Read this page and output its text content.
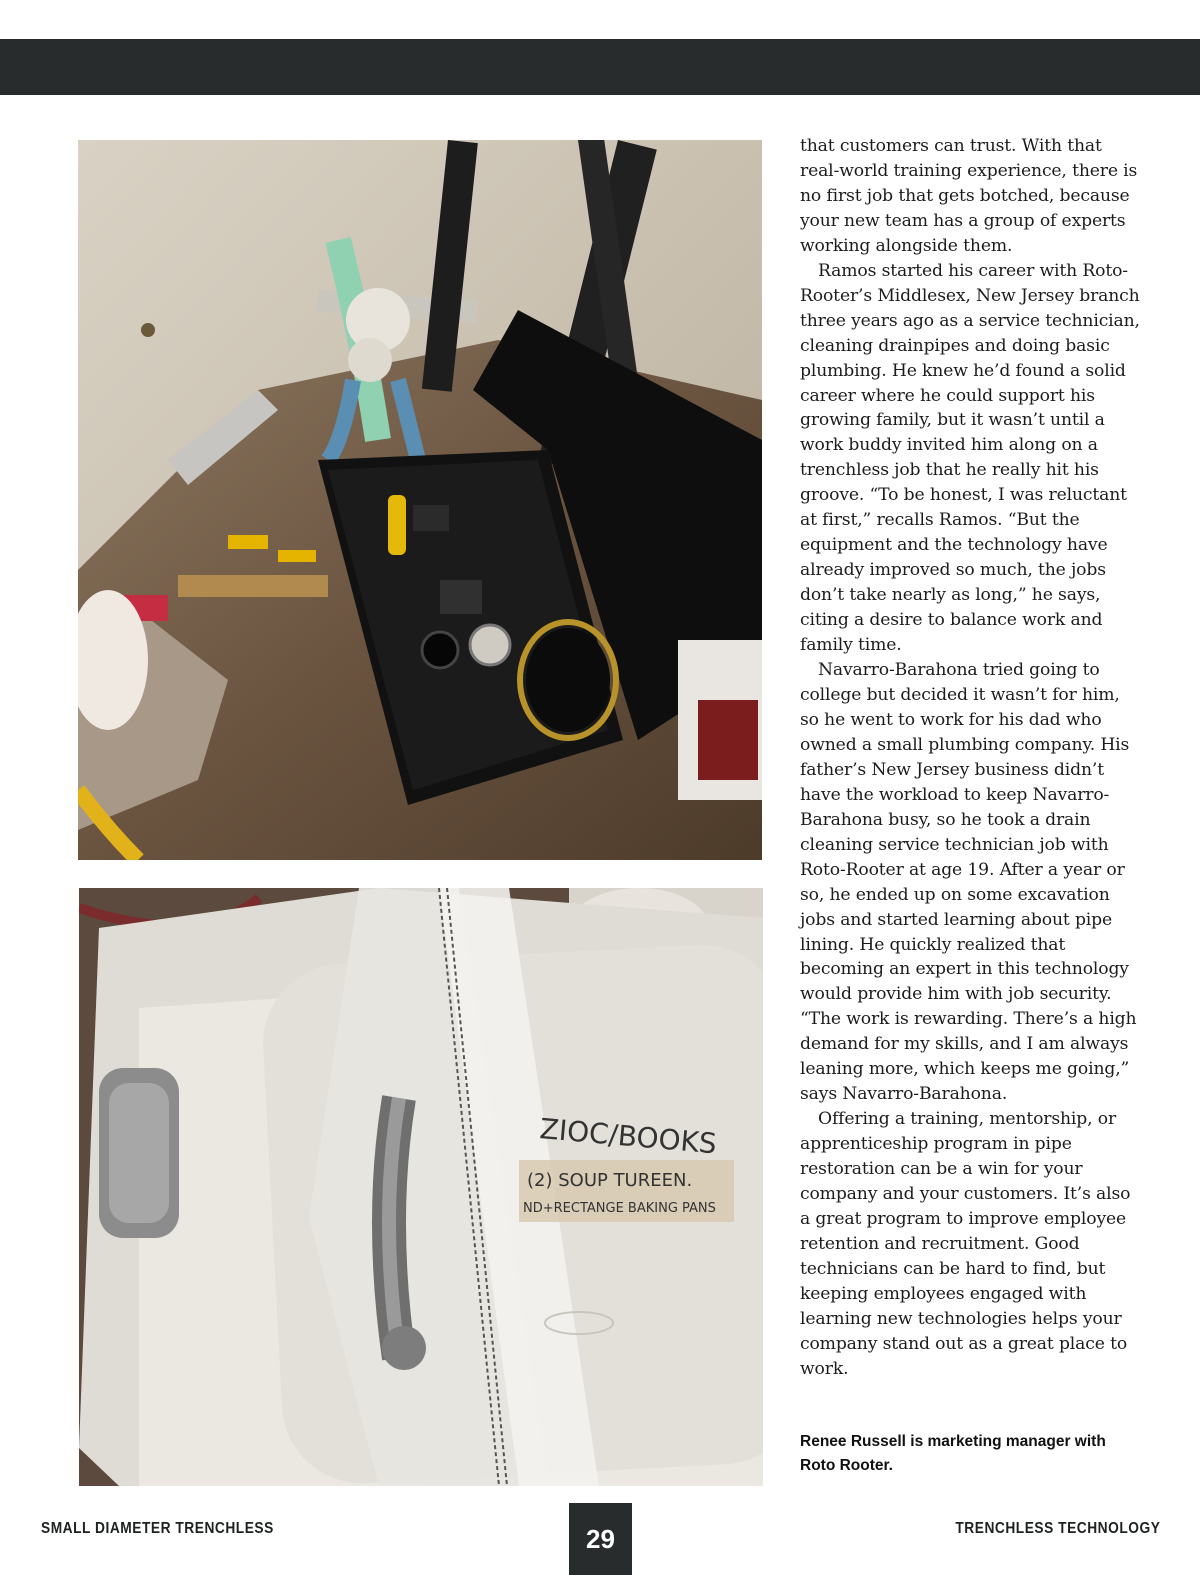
ZIOC/BOOKS
(2) SOUP TUREEN.
ND+RECTANGE BAKING PANS

that customers can trust. With that real-world training experience, there is no first job that gets botched, because your new team has a group of experts working alongside them.

Ramos started his career with Roto-Rooter’s Middlesex, New Jersey branch three years ago as a service technician, cleaning drainpipes and doing basic plumbing. He knew he’d found a solid career where he could support his growing family, but it wasn’t until a work buddy invited him along on a trenchless job that he really hit his groove. “To be honest, I was reluctant at first,” recalls Ramos. “But the equipment and the technology have already improved so much, the jobs don’t take nearly as long,” he says, citing a desire to balance work and family time.

Navarro-Barahona tried going to college but decided it wasn’t for him, so he went to work for his dad who owned a small plumbing company. His father’s New Jersey business didn’t have the workload to keep Navarro-Barahona busy, so he took a drain cleaning service technician job with Roto-Rooter at age 19. After a year or so, he ended up on some excavation jobs and started learning about pipe lining. He quickly realized that becoming an expert in this technology would provide him with job security. “The work is rewarding. There’s a high demand for my skills, and I am always leaning more, which keeps me going,” says Navarro-Barahona.

Offering a training, mentorship, or apprenticeship program in pipe restoration can be a win for your company and your customers. It’s also a great program to improve employee retention and recruitment. Good technicians can be hard to find, but keeping employees engaged with learning new technologies helps your company stand out as a great place to work.

Renee Russell is marketing manager with Roto Rooter.
SMALL DIAMETER TRENCHLESS	29	TRENCHLESS TECHNOLOGY
